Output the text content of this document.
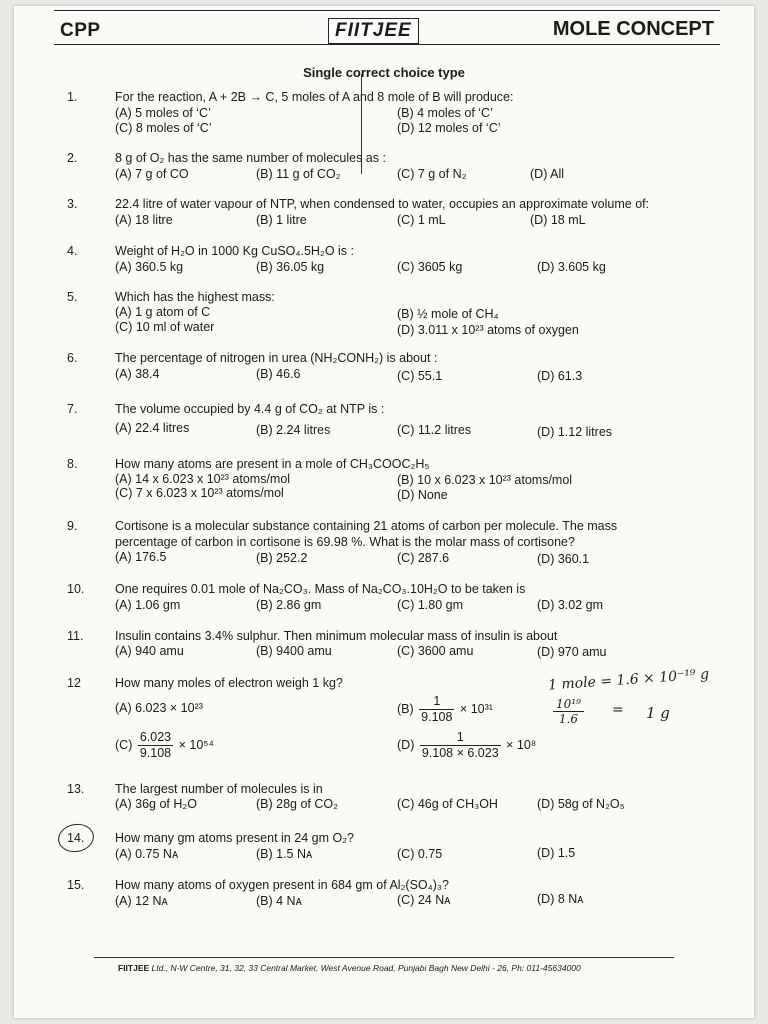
CPP	FIITJEE	MOLE CONCEPT
Single correct choice type
1.	For the reaction, A + 2B → C, 5 moles of A and 8 mole of B will produce:
(A) 5 moles of ‘C’	(B) 4 moles of ‘C’
(C) 8 moles of ‘C’	(D) 12 moles of ‘C’
2.	8 g of O₂ has the same number of molecules as :
(A) 7 g of CO	(B) 11 g of CO₂	(C) 7 g of N₂	(D) All
3.	22.4 litre of water vapour of NTP, when condensed to water, occupies an approximate volume of:
(A) 18 litre	(B) 1 litre	(C) 1 mL	(D) 18 mL
4.	Weight of H₂O in 1000 Kg CuSO₄.5H₂O is :
(A) 360.5 kg	(B) 36.05 kg	(C) 3605 kg	(D) 3.605 kg
5.	Which has the highest mass:
(A) 1 g atom of C	(B) ½ mole of CH₄
(C) 10 ml of water	(D) 3.011 x 10²³ atoms of oxygen
6.	The percentage of nitrogen in urea (NH₂CONH₂) is about :
(A) 38.4	(B) 46.6	(C) 55.1	(D) 61.3
7.	The volume occupied by 4.4 g of CO₂ at NTP is :
(A) 22.4 litres	(B) 2.24 litres	(C) 11.2 litres	(D) 1.12 litres
8.	How many atoms are present in a mole of CH₃COOC₂H₅
(A) 14 x 6.023 x 10²³ atoms/mol	(B) 10 x 6.023 x 10²³ atoms/mol
(C) 7 x 6.023 x 10²³ atoms/mol	(D) None
9.	Cortisone is a molecular substance containing 21 atoms of carbon per molecule. The mass
percentage of carbon in cortisone is 69.98 %. What is the molar mass of cortisone?
(A) 176.5	(B) 252.2	(C) 287.6	(D) 360.1
10. One requires 0.01 mole of Na₂CO₃. Mass of Na₂CO₃.10H₂O to be taken is
(A) 1.06 gm	(B) 2.86 gm	(C) 1.80 gm	(D) 3.02 gm
11.	Insulin contains 3.4% sulphur. Then minimum molecular mass of insulin is about
(A) 940 amu	(B) 9400 amu	(C) 3600 amu	(D) 970 amu
12	How many moles of electron weigh 1 kg?
(A) 6.023 × 10²³	$(B) \frac{1}{9.108} \times 10^{31}$
$(C) \frac{6.023}{9.108} \times 10^{54}$	$(D) \frac{1}{9.108 \times 6.023} \times 10^8$
1 mole = 1.6 × 10⁻¹⁹ g
$\frac{\text{10¹⁹}}{1.6} = 1$ g
13. The largest number of molecules is in
(A) 36g of H₂O	(B) 28g of CO₂	(C) 46g of CH₃OH	(D) 58g of N₂O₅
14. How many gm atoms present in 24 gm O₂?
(A) 0.75 Nᴀ	(B) 1.5 Nᴀ	(C) 0.75	(D) 1.5
15. How many atoms of oxygen present in 684 gm of Al₂(SO₄)₃?
(A) 12 Nᴀ	(B) 4 Nᴀ	(C) 24 Nᴀ	(D) 8 Nᴀ
FIITJEE Ltd., N-W Centre, 31, 32, 33 Central Market, West Avenue Road, Punjabi Bagh New Delhi - 26, Ph: 011-45634000
